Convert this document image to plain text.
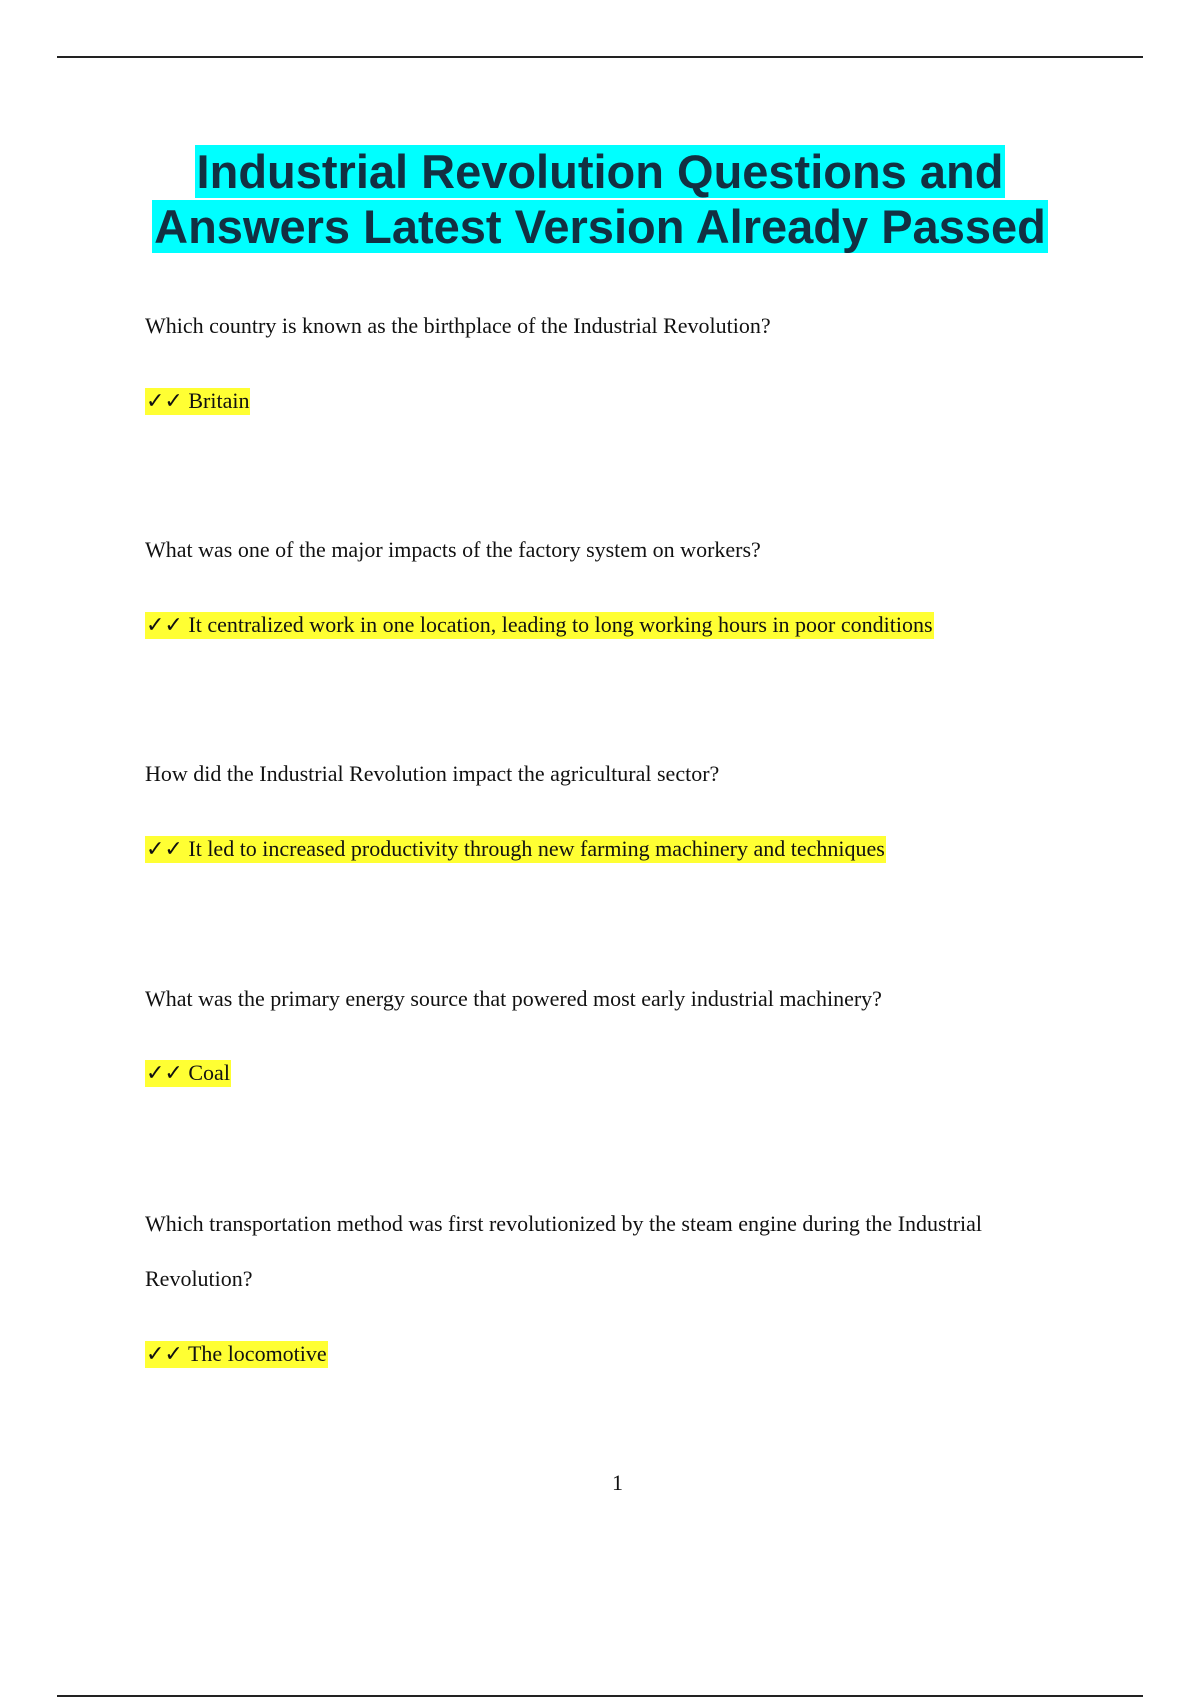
Industrial Revolution Questions and
Answers Latest Version Already Passed

Which country is known as the birthplace of the Industrial Revolution?

✓✓ Britain

What was one of the major impacts of the factory system on workers?

✓✓ It centralized work in one location, leading to long working hours in poor conditions

How did the Industrial Revolution impact the agricultural sector?

✓✓ It led to increased productivity through new farming machinery and techniques

What was the primary energy source that powered most early industrial machinery?

✓✓ Coal

Which transportation method was first revolutionized by the steam engine during the Industrial
Revolution?

✓✓ The locomotive
1
